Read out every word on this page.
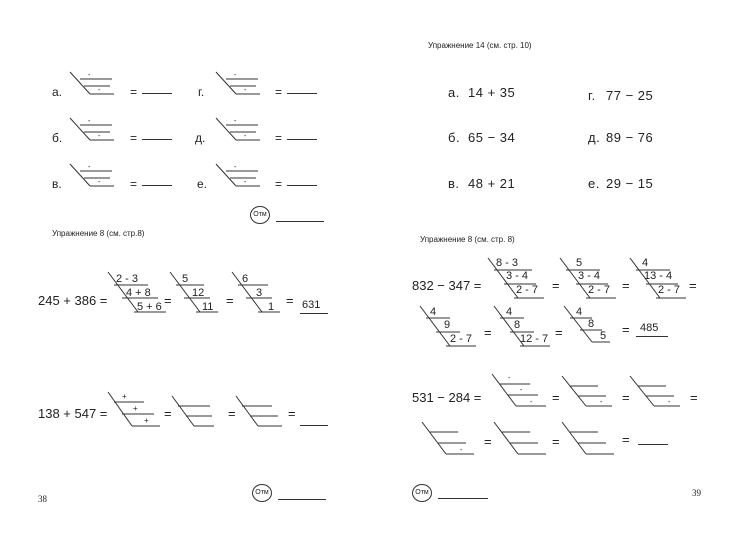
а.
-
- =	г.
-
- =
б.
-
- =	д.
-
- =
в.
-
- =	е.
-
- =
Отм
Упражнение 8 (см. стр.8)
245 + 386 =
2 - 3
4 + 8
5 + 6 =
5
12
11 =
6
3
1 = 631
138 + 547 =
+
+
+ =	=	=
38
Отм
Упражнение 14 (см. стр. 10)
а. 14 + 35
б. 65 − 34
в. 48 + 21
г. 77 − 25
д. 89 − 76
е. 29 − 15
Упражнение 8 (см. стр. 8)
832 − 347 =
8 - 3
3 - 4
2 - 7 =
5
3 - 4
2 - 7 =
4
13 - 4
2 - 7 =
4
9
2 - 7 =
4
8
12 - 7 =
4
8
5 = 485
531 − 284 =
-
-
- =	- =	- =
-
=	=	=
Отм	39
